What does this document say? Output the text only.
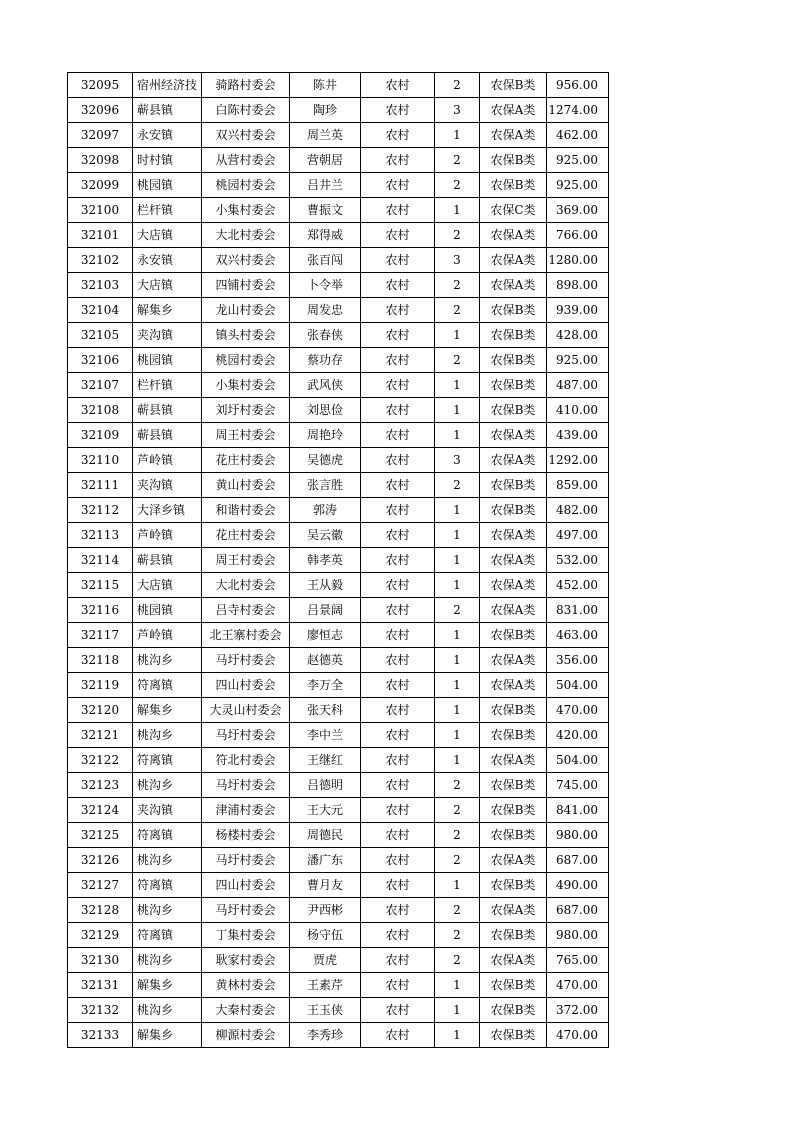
32095	宿州经济技	骑路村委会	陈井	农村	2	农保B类	956.00
32096	蕲县镇	白陈村委会	陶珍	农村	3	农保A类	1274.00
32097	永安镇	双兴村委会	周兰英	农村	1	农保A类	462.00
32098	时村镇	从营村委会	营朝居	农村	2	农保B类	925.00
32099	桃园镇	桃园村委会	吕井兰	农村	2	农保B类	925.00
32100	栏杆镇	小集村委会	曹振文	农村	1	农保C类	369.00
32101	大店镇	大北村委会	郑得威	农村	2	农保A类	766.00
32102	永安镇	双兴村委会	张百闯	农村	3	农保A类	1280.00
32103	大店镇	四铺村委会	卜令举	农村	2	农保A类	898.00
32104	解集乡	龙山村委会	周发忠	农村	2	农保B类	939.00
32105	夹沟镇	镇头村委会	张春侠	农村	1	农保B类	428.00
32106	桃园镇	桃园村委会	蔡功存	农村	2	农保B类	925.00
32107	栏杆镇	小集村委会	武风侠	农村	1	农保B类	487.00
32108	蕲县镇	刘圩村委会	刘思俭	农村	1	农保B类	410.00
32109	蕲县镇	周王村委会	周艳玲	农村	1	农保A类	439.00
32110	芦岭镇	花庄村委会	吴德虎	农村	3	农保A类	1292.00
32111	夹沟镇	黄山村委会	张言胜	农村	2	农保B类	859.00
32112	大泽乡镇	和谐村委会	郭涛	农村	1	农保B类	482.00
32113	芦岭镇	花庄村委会	吴云徽	农村	1	农保A类	497.00
32114	蕲县镇	周王村委会	韩孝英	农村	1	农保A类	532.00
32115	大店镇	大北村委会	王从毅	农村	1	农保A类	452.00
32116	桃园镇	吕寺村委会	吕景阔	农村	2	农保A类	831.00
32117	芦岭镇	北王寨村委会	廖恒志	农村	1	农保B类	463.00
32118	桃沟乡	马圩村委会	赵德英	农村	1	农保A类	356.00
32119	符离镇	四山村委会	李万全	农村	1	农保A类	504.00
32120	解集乡	大灵山村委会	张天科	农村	1	农保B类	470.00
32121	桃沟乡	马圩村委会	李中兰	农村	1	农保B类	420.00
32122	符离镇	符北村委会	王继红	农村	1	农保A类	504.00
32123	桃沟乡	马圩村委会	吕德明	农村	2	农保B类	745.00
32124	夹沟镇	津浦村委会	王大元	农村	2	农保B类	841.00
32125	符离镇	杨楼村委会	周德民	农村	2	农保B类	980.00
32126	桃沟乡	马圩村委会	潘广东	农村	2	农保A类	687.00
32127	符离镇	四山村委会	曹月友	农村	1	农保B类	490.00
32128	桃沟乡	马圩村委会	尹西彬	农村	2	农保A类	687.00
32129	符离镇	丁集村委会	杨守伍	农村	2	农保B类	980.00
32130	桃沟乡	耿家村委会	贾虎	农村	2	农保A类	765.00
32131	解集乡	黄林村委会	王素芹	农村	1	农保B类	470.00
32132	桃沟乡	大秦村委会	王玉侠	农村	1	农保B类	372.00
32133	解集乡	柳源村委会	李秀珍	农村	1	农保B类	470.00
